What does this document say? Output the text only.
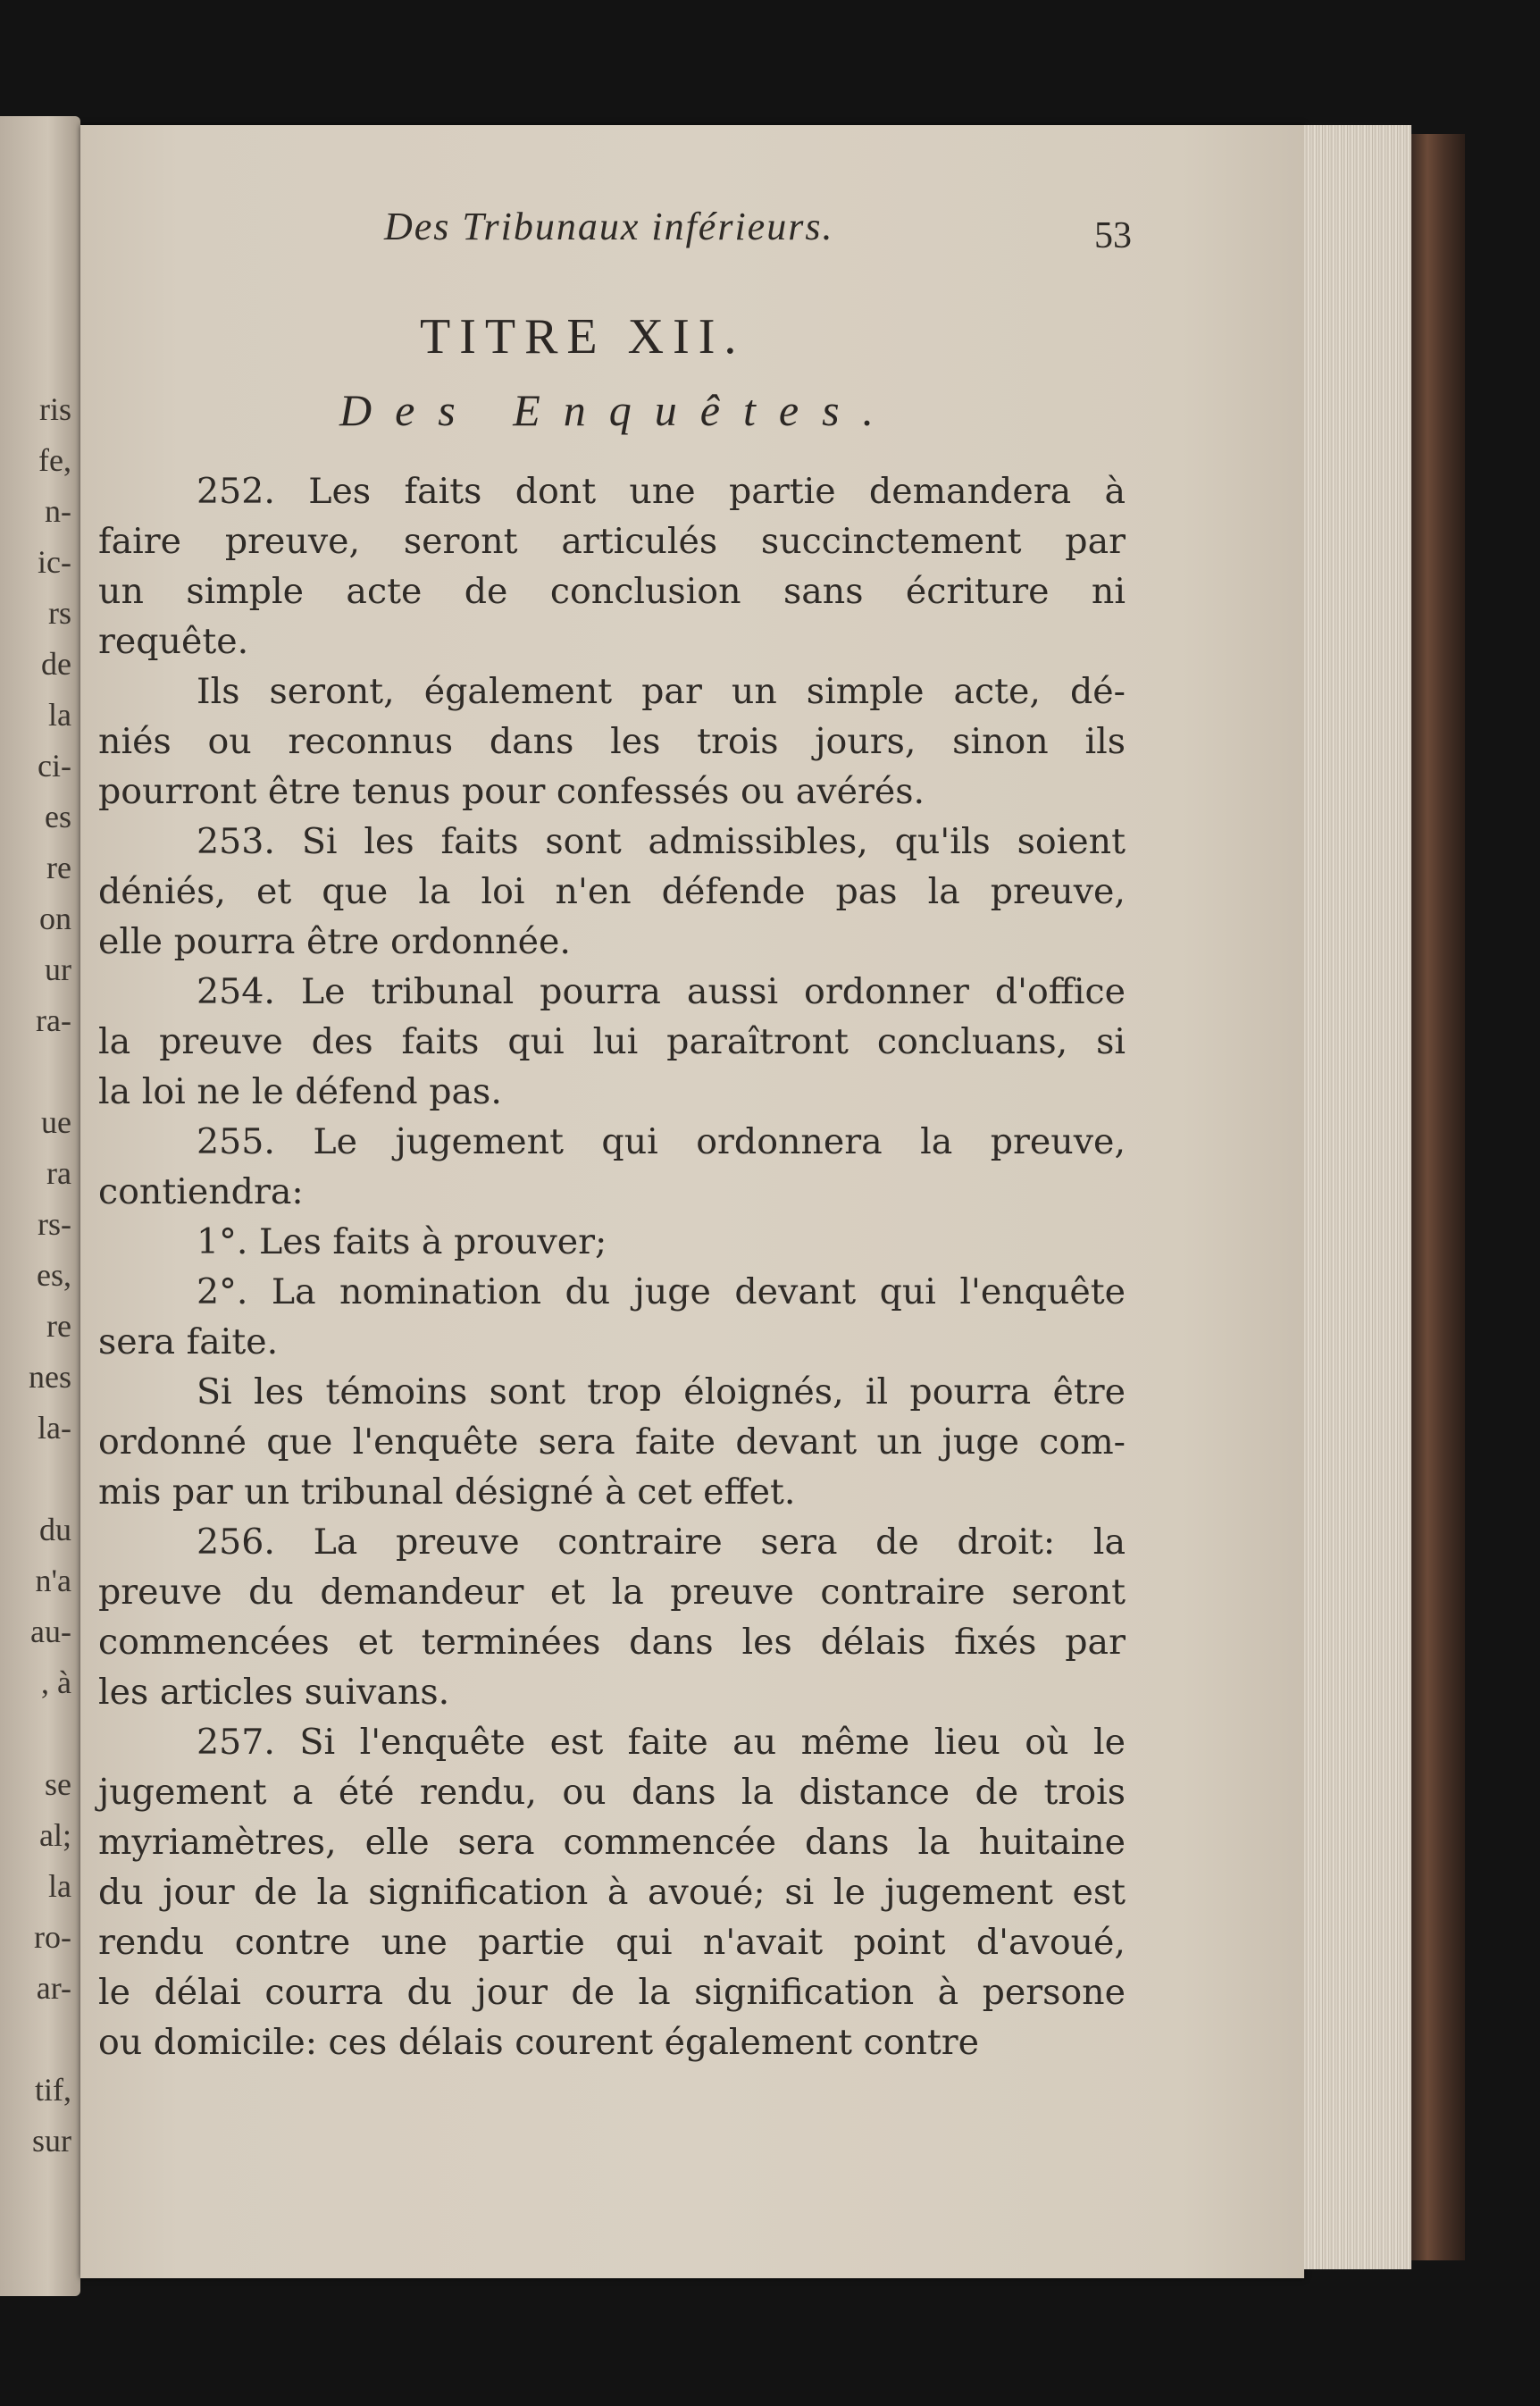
ris
fe,
n-
ic-
rs
de
la
ci-
es
re
on
ur
ra-
ue
ra
rs-
es,
re
nes
la-
du
n'a
au-
, à
se
al;
la
ro-
ar-
tif,
sur
Des Tribunaux inférieurs.	53
TITRE XII.
Des Enquêtes.
252. Les faits dont une partie demandera à
faire preuve, seront articulés succinctement par
un simple acte de conclusion sans écriture ni
requête.
Ils seront, également par un simple acte, dé-
niés ou reconnus dans les trois jours, sinon ils
pourront être tenus pour confessés ou avérés.
253. Si les faits sont admissibles, qu'ils soient
déniés, et que la loi n'en défende pas la preuve,
elle pourra être ordonnée.
254. Le tribunal pourra aussi ordonner d'office
la preuve des faits qui lui paraîtront concluans, si
la loi ne le défend pas.
255. Le jugement qui ordonnera la preuve,
contiendra:
1°. Les faits à prouver;
2°. La nomination du juge devant qui l'enquête
sera faite.
Si les témoins sont trop éloignés, il pourra être
ordonné que l'enquête sera faite devant un juge com-
mis par un tribunal désigné à cet effet.
256. La preuve contraire sera de droit: la
preuve du demandeur et la preuve contraire seront
commencées et terminées dans les délais fixés par
les articles suivans.
257. Si l'enquête est faite au même lieu où le
jugement a été rendu, ou dans la distance de trois
myriamètres, elle sera commencée dans la huitaine
du jour de la signification à avoué; si le jugement est
rendu contre une partie qui n'avait point d'avoué,
le délai courra du jour de la signification à persone
ou domicile: ces délais courent également contre
